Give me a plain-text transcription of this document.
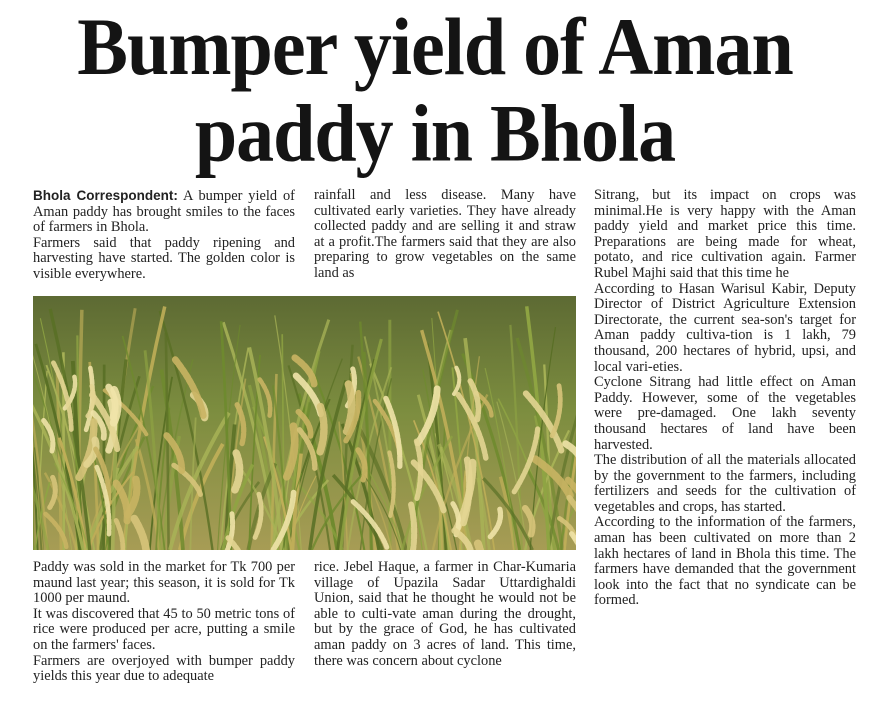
Bumper yield of Aman
paddy in Bhola

Bhola Correspondent: A bumper yield of Aman paddy has brought smiles to the faces of farmers in Bhola.

Farmers said that paddy ripening and harvesting have started. The golden color is visible everywhere.

rainfall and less disease. Many have cultivated early varieties. They have already collected paddy and are selling it and straw at a profit.The farmers said that they are also preparing to grow vegetables on the same land as

Sitrang, but its impact on crops was minimal.He is very happy with the Aman paddy yield and market price this time. Preparations are being made for wheat, potato, and rice cultivation again. Farmer Rubel Majhi said that this time he

According to Hasan Warisul Kabir, Deputy Director of District Agriculture Extension Directorate, the current sea-son's target for Aman paddy cultiva-tion is 1 lakh, 79 thousand, 200 hectares of hybrid, upsi, and local vari-eties.

Cyclone Sitrang had little effect on Aman Paddy. However, some of the vegetables were pre-damaged. One lakh seventy thousand hectares of land have been harvested.

The distribution of all the materials allocated by the government to the farmers, including fertilizers and seeds for the cultivation of vegetables and crops, has started.

According to the information of the farmers, aman has been cultivated on more than 2 lakh hectares of land in Bhola this time. The farmers have demanded that the government look into the fact that no syndicate can be formed.

Paddy was sold in the market for Tk 700 per maund last year; this season, it is sold for Tk 1000 per maund.

It was discovered that 45 to 50 metric tons of rice were produced per acre, putting a smile on the farmers' faces.

Farmers are overjoyed with bumper paddy yields this year due to adequate

rice. Jebel Haque, a farmer in Char-Kumaria village of Upazila Sadar Uttardighaldi Union, said that he thought he would not be able to culti-vate aman during the drought, but by the grace of God, he has cultivated aman paddy on 3 acres of land. This time, there was concern about cyclone
